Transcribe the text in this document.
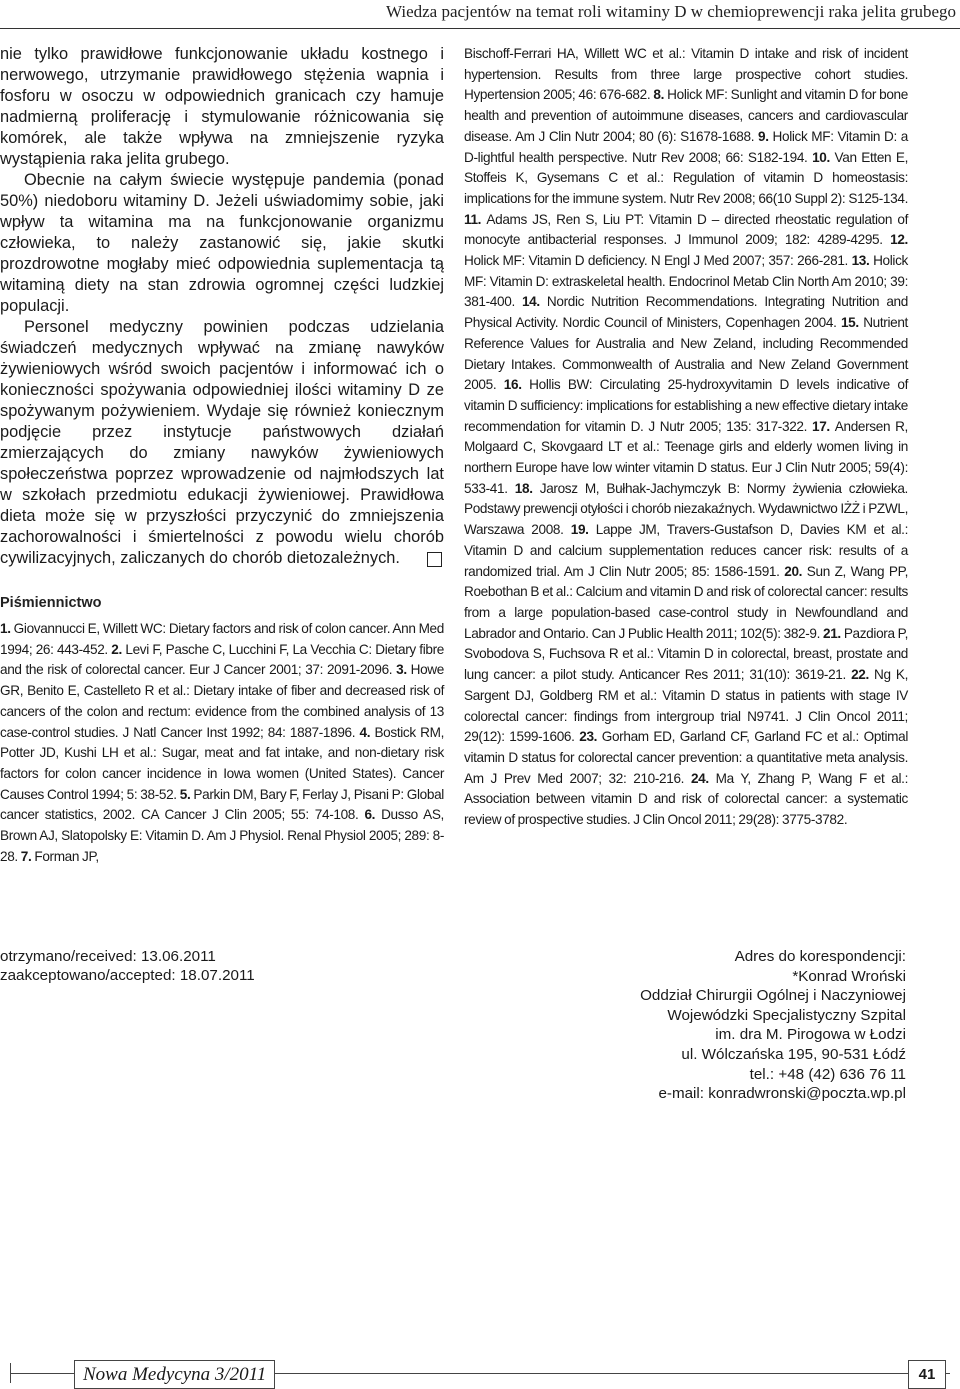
Wiedza pacjentów na temat roli witaminy D w chemioprewencji raka jelita grubego

nie tylko prawidłowe funkcjonowanie układu kostnego i nerwowego, utrzymanie prawidłowego stężenia wapnia i fosforu w osoczu w odpowiednich granicach czy hamuje nadmierną proliferację i stymulowanie różnicowania się komórek, ale także wpływa na zmniejszenie ryzyka wystąpienia raka jelita grubego.

Obecnie na całym świecie występuje pandemia (ponad 50%) niedoboru witaminy D. Jeżeli uświadomimy sobie, jaki wpływ ta witamina ma na funkcjonowanie organizmu człowieka, to należy zastanowić się, jakie skutki prozdrowotne mogłaby mieć odpowiednia suplementacja tą witaminą diety na stan zdrowia ogromnej części ludzkiej populacji.

Personel medyczny powinien podczas udzielania świadczeń medycznych wpływać na zmianę nawyków żywieniowych wśród swoich pacjentów i informować ich o konieczności spożywania odpowiedniej ilości witaminy D ze spożywanym pożywieniem. Wydaje się również koniecznym podjęcie przez instytucje państwowych działań zmierzających do zmiany nawyków żywieniowych społeczeństwa poprzez wprowadzenie od najmłodszych lat w szkołach przedmiotu edukacji żywieniowej. Prawidłowa dieta może się w przyszłości przyczynić do zmniejszenia zachorowalności i śmiertelności z powodu wielu chorób cywilizacyjnych, zaliczanych do chorób dietozależnych.

Piśmiennictwo

1. Giovannucci E, Willett WC: Dietary factors and risk of colon cancer. Ann Med 1994; 26: 443-452. 2. Levi F, Pasche C, Lucchini F, La Vecchia C: Dietary fibre and the risk of colorectal cancer. Eur J Cancer 2001; 37: 2091-2096. 3. Howe GR, Benito E, Castelleto R et al.: Dietary intake of fiber and decreased risk of cancers of the colon and rectum: evidence from the combined analysis of 13 case-control studies. J Natl Cancer Inst 1992; 84: 1887-1896. 4. Bostick RM, Potter JD, Kushi LH et al.: Sugar, meat and fat intake, and non-dietary risk factors for colon cancer incidence in Iowa women (United States). Cancer Causes Control 1994; 5: 38-52. 5. Parkin DM, Bary F, Ferlay J, Pisani P: Global cancer statistics, 2002. CA Cancer J Clin 2005; 55: 74-108. 6. Dusso AS, Brown AJ, Slatopolsky E: Vitamin D. Am J Physiol. Renal Physiol 2005; 289: 8-28. 7. Forman JP,

Bischoff-Ferrari HA, Willett WC et al.: Vitamin D intake and risk of incident hypertension. Results from three large prospective cohort studies. Hypertension 2005; 46: 676-682. 8. Holick MF: Sunlight and vitamin D for bone health and prevention of autoimmune diseases, cancers and cardiovascular disease. Am J Clin Nutr 2004; 80 (6): S1678-1688. 9. Holick MF: Vitamin D: a D-lightful health perspective. Nutr Rev 2008; 66: S182-194. 10. Van Etten E, Stoffeis K, Gysemans C et al.: Regulation of vitamin D homeostasis: implications for the immune system. Nutr Rev 2008; 66(10 Suppl 2): S125-134. 11. Adams JS, Ren S, Liu PT: Vitamin D – directed rheostatic regulation of monocyte antibacterial responses. J Immunol 2009; 182: 4289-4295. 12. Holick MF: Vitamin D deficiency. N Engl J Med 2007; 357: 266-281. 13. Holick MF: Vitamin D: extraskeletal health. Endocrinol Metab Clin North Am 2010; 39: 381-400. 14. Nordic Nutrition Recommendations. Integrating Nutrition and Physical Activity. Nordic Council of Ministers, Copenhagen 2004. 15. Nutrient Reference Values for Australia and New Zeland, including Recommended Dietary Intakes. Commonwealth of Australia and New Zeland Government 2005. 16. Hollis BW: Circulating 25-hydroxyvitamin D levels indicative of vitamin D sufficiency: implications for establishing a new effective dietary intake recommendation for vitamin D. J Nutr 2005; 135: 317-322. 17. Andersen R, Molgaard C, Skovgaard LT et al.: Teenage girls and elderly women living in northern Europe have low winter vitamin D status. Eur J Clin Nutr 2005; 59(4): 533-41. 18. Jarosz M, Bułhak-Jachymczyk B: Normy żywienia człowieka. Podstawy prewencji otyłości i chorób niezakaźnych. Wydawnictwo IŻŻ i PZWL, Warszawa 2008. 19. Lappe JM, Travers-Gustafson D, Davies KM et al.: Vitamin D and calcium supplementation reduces cancer risk: results of a randomized trial. Am J Clin Nutr 2005; 85: 1586-1591. 20. Sun Z, Wang PP, Roebothan B et al.: Calcium and vitamin D and risk of colorectal cancer: results from a large population-based case-control study in Newfoundland and Labrador and Ontario. Can J Public Health 2011; 102(5): 382-9. 21. Pazdiora P, Svobodova S, Fuchsova R et al.: Vitamin D in colorectal, breast, prostate and lung cancer: a pilot study. Anticancer Res 2011; 31(10): 3619-21. 22. Ng K, Sargent DJ, Goldberg RM et al.: Vitamin D status in patients with stage IV colorectal cancer: findings from intergroup trial N9741. J Clin Oncol 2011; 29(12): 1599-1606. 23. Gorham ED, Garland CF, Garland FC et al.: Optimal vitamin D status for colorectal cancer prevention: a quantitative meta analysis. Am J Prev Med 2007; 32: 210-216. 24. Ma Y, Zhang P, Wang F et al.: Association between vitamin D and risk of colorectal cancer: a systematic review of prospective studies. J Clin Oncol 2011; 29(28): 3775-3782.

otrzymano/received: 13.06.2011
zaakceptowano/accepted: 18.07.2011
Adres do korespondencji:
*Konrad Wroński
Oddział Chirurgii Ogólnej i Naczyniowej
Wojewódzki Specjalistyczny Szpital
im. dra M. Pirogowa w Łodzi
ul. Wólczańska 195, 90-531 Łódź
tel.: +48 (42) 636 76 11
e-mail: konradwronski@poczta.wp.pl
Nowa Medycyna 3/2011	41
